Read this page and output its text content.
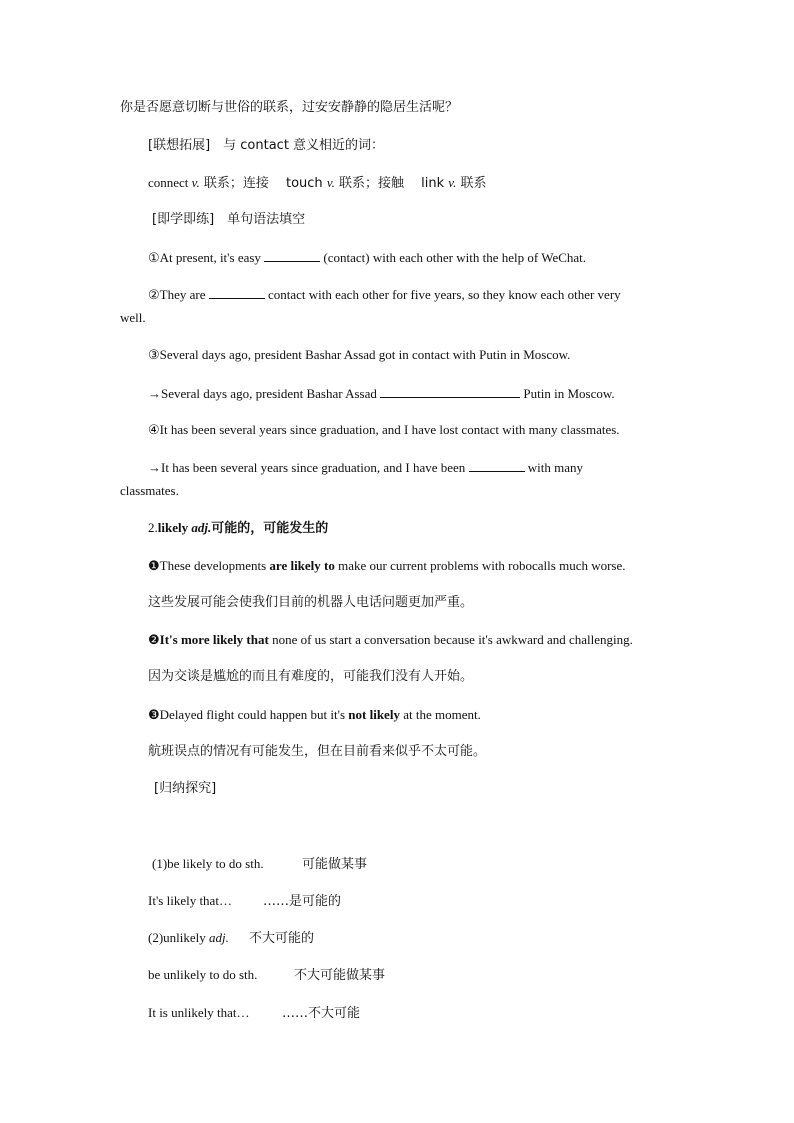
你是否愿意切断与世俗的联系，过安安静静的隐居生活呢？
[联想拓展]　与 contact 意义相近的词：
connect v. 联系；连接　 touch v. 联系；接触　 link v. 联系
[即学即练]　单句语法填空
①At present, it's easy	(contact) with each other with the help of WeChat.
②They are	contact with each other for five years, so they know each other very
well.
③Several days ago, president Bashar Assad got in contact with Putin in Moscow.
→Several days ago, president Bashar Assad	Putin in Moscow.
④It has been several years since graduation, and I have lost contact with many classmates.
→It has been several years since graduation, and I have been	with many
classmates.
2.likely adj.可能的，可能发生的
❶These developments are likely to make our current problems with robocalls much worse.
这些发展可能会使我们目前的机器人电话问题更加严重。
❷It's more likely that none of us start a conversation because it's awkward and challenging.
因为交谈是尴尬的而且有难度的，可能我们没有人开始。
❸Delayed flight could happen but it's not likely at the moment.
航班误点的情况有可能发生，但在目前看来似乎不太可能。
[归纳探究]
(1)be likely to do sth.	可能做某事
It's likely that… ……是可能的
(2)unlikely adj. 不大可能的
be unlikely to do sth.	不大可能做某事
It is unlikely that…	……不大可能
